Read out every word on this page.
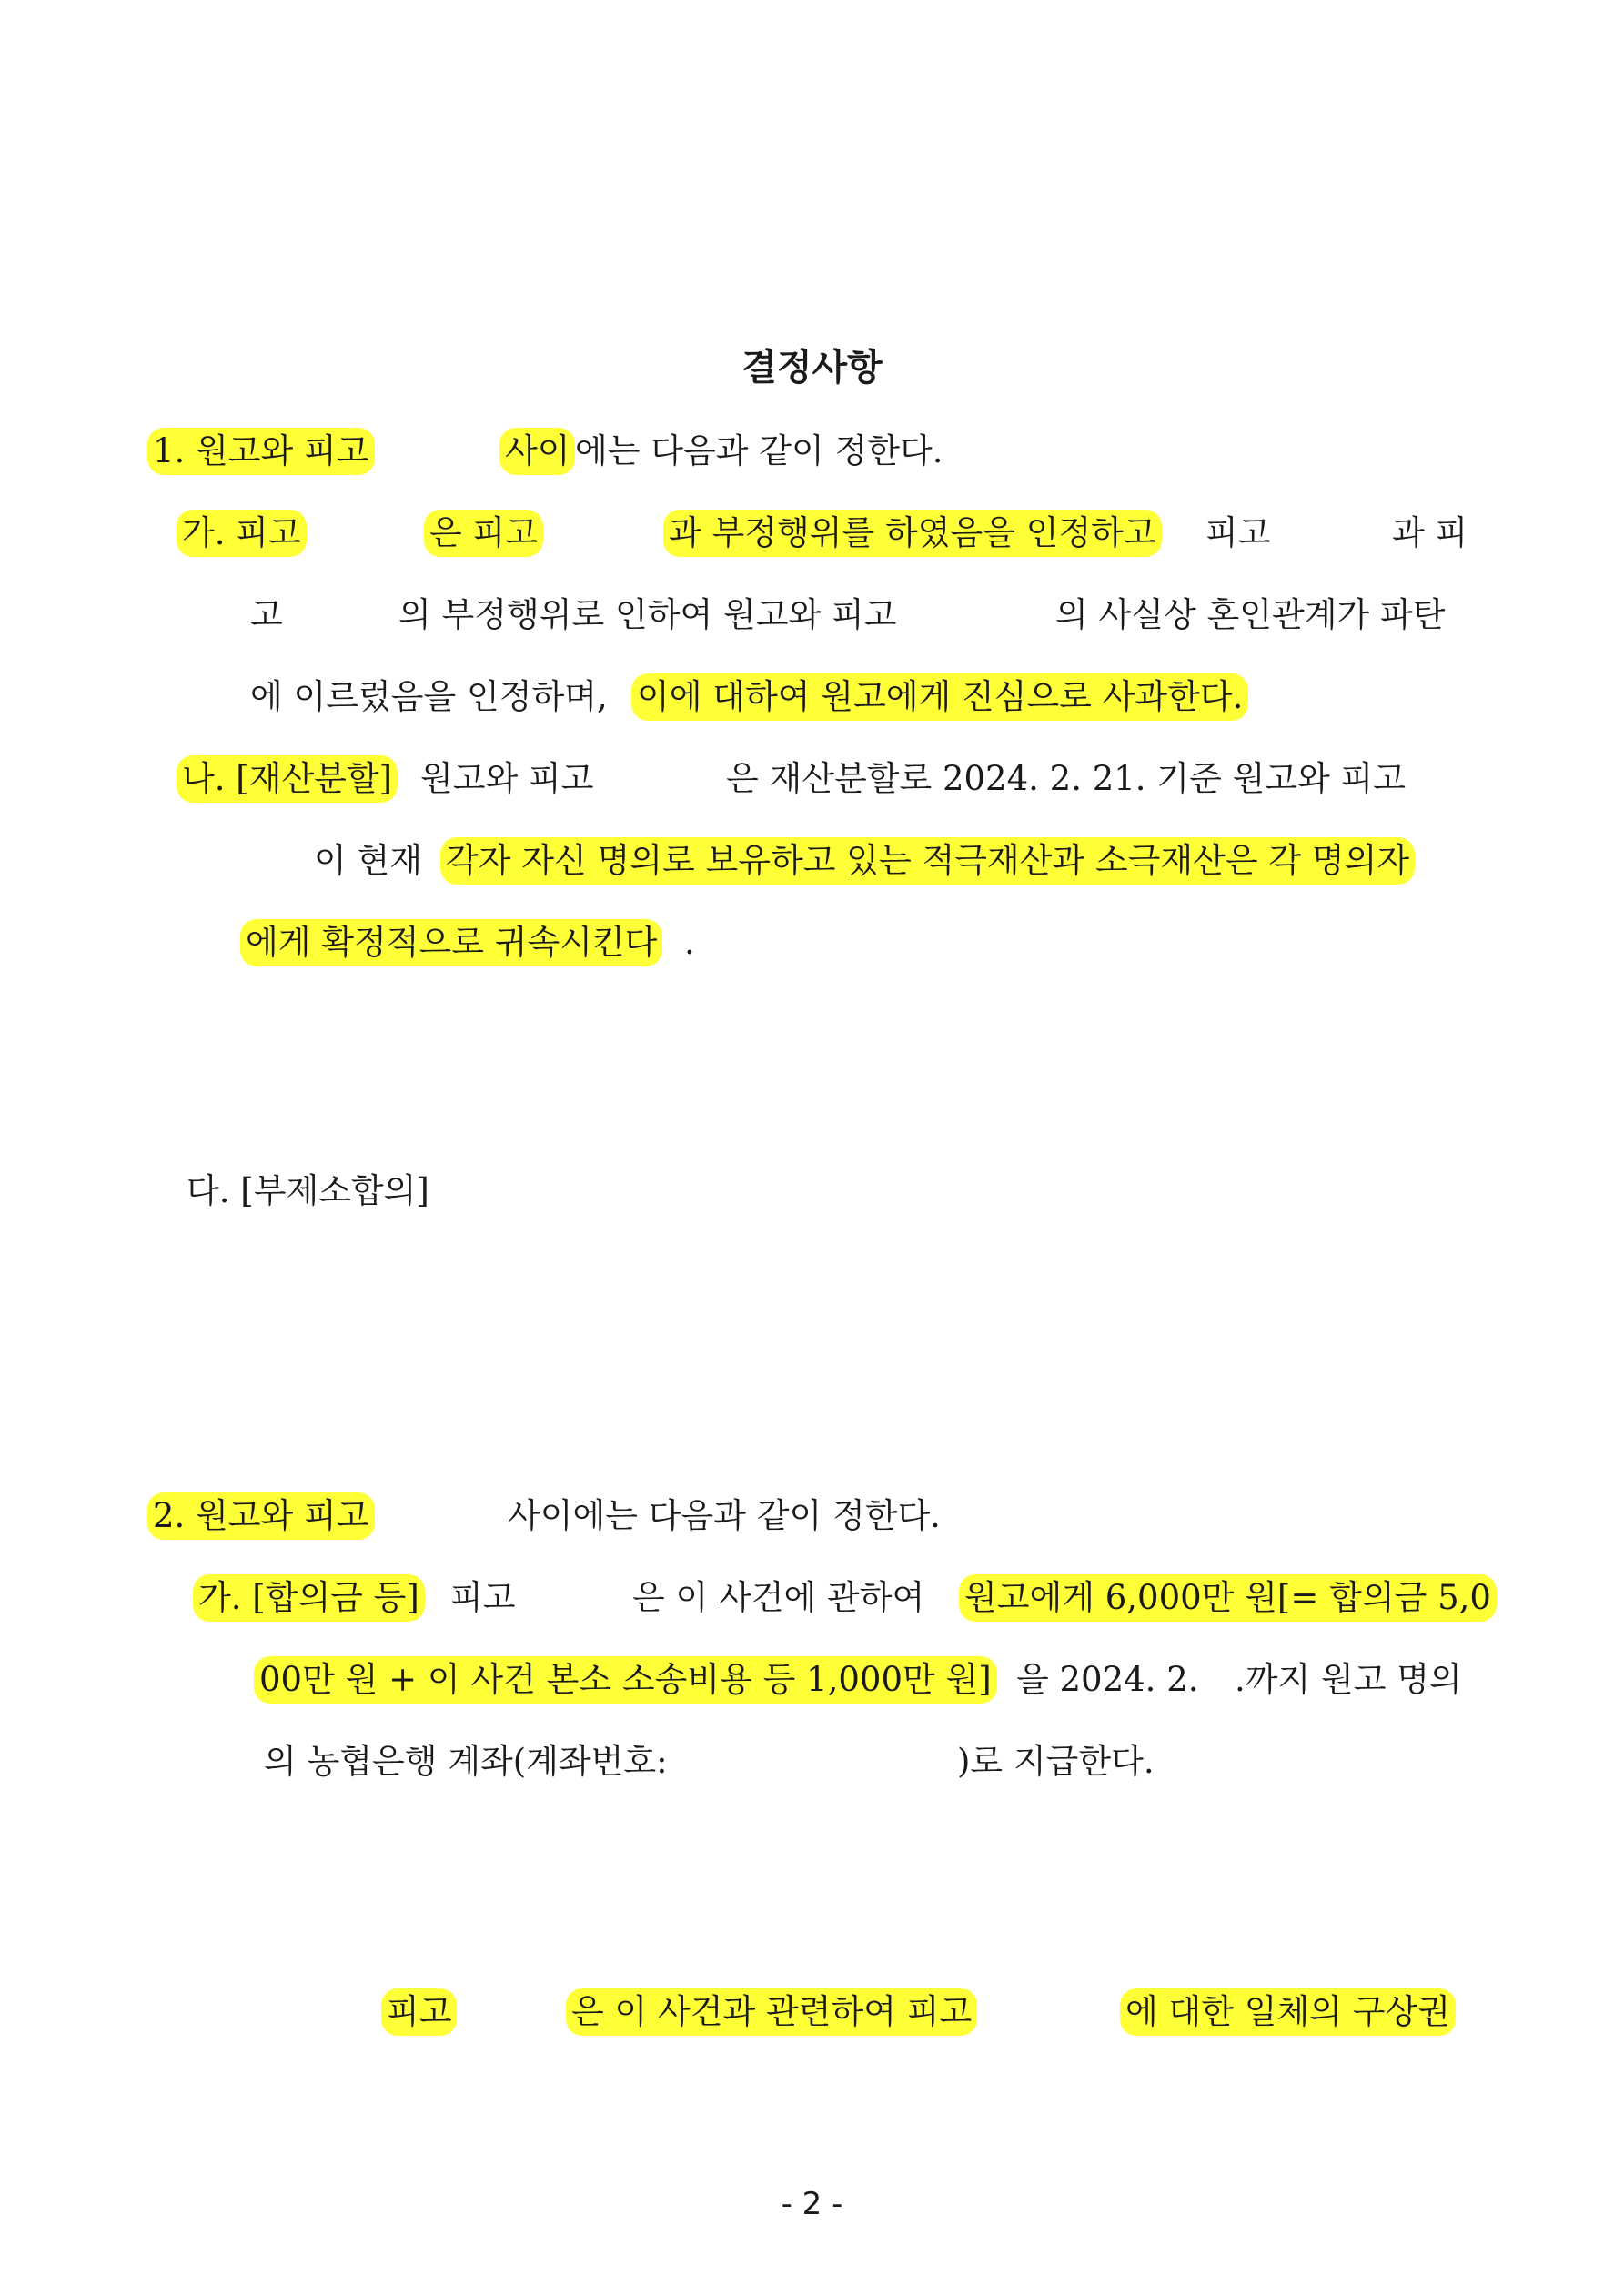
결정사항
1. 원고와 피고	사이 에는 다음과 같이 정한다.
가. 피고	은 피고	과 부정행위를 하였음을 인정하고 피고	과 피
고	의 부정행위로 인하여 원고와 피고	의 사실상 혼인관계가 파탄
에 이르렀음을 인정하며, 이에 대하여 원고에게 진심으로 사과한다.
나. [재산분할] 원고와 피고	은 재산분할로 2024. 2. 21. 기준 원고와 피고
이 현재 각자 자신 명의로 보유하고 있는 적극재산과 소극재산은 각 명의자
에게 확정적으로 귀속시킨다 .
다. [부제소합의]
2. 원고와 피고	사이에는 다음과 같이 정한다.
가. [합의금 등] 피고	은 이 사건에 관하여 원고에게 6,000만 원[= 합의금 5,0
00만 원 + 이 사건 본소 소송비용 등 1,000만 원] 을 2024. 2. .까지 원고 명의
의 농협은행 계좌(계좌번호:	)로 지급한다.
피고	은 이 사건과 관련하여 피고	에 대한 일체의 구상권
- 2 -
